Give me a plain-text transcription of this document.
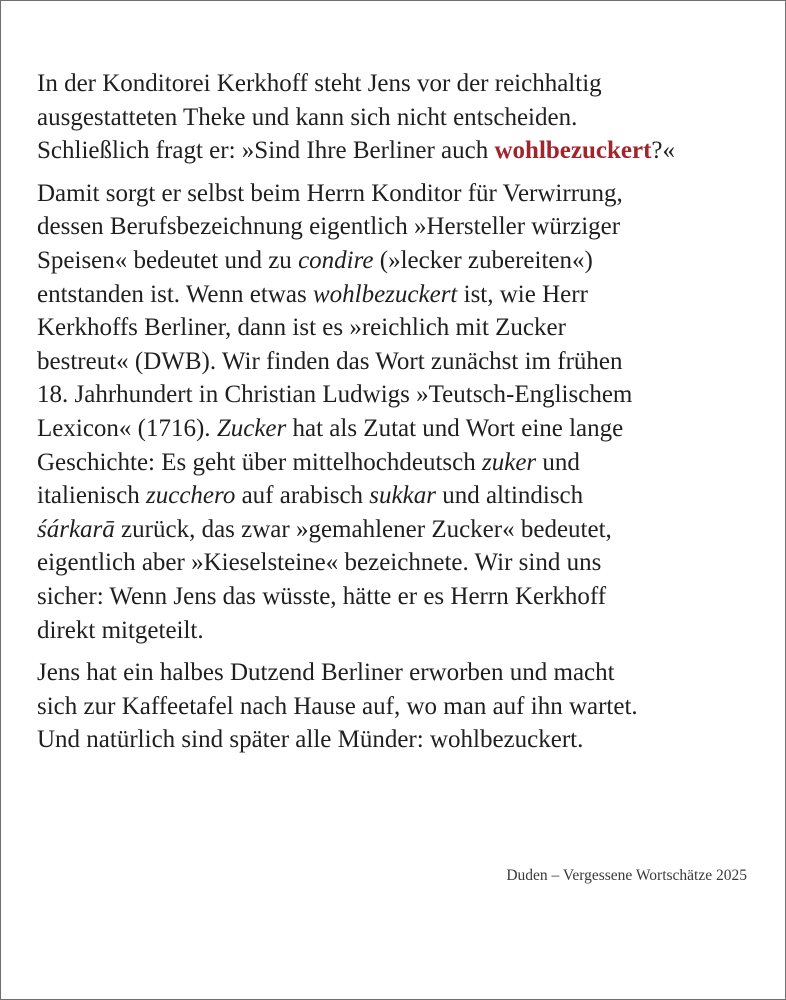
In der Konditorei Kerkhoff steht Jens vor der reichhaltig
ausgestatteten Theke und kann sich nicht entscheiden.
Schließlich fragt er: »Sind Ihre Berliner auch wohlbezuckert?«

Damit sorgt er selbst beim Herrn Konditor für Verwirrung,
dessen Berufsbezeichnung eigentlich »Hersteller würziger
Speisen« bedeutet und zu condire (»lecker zubereiten«)
entstanden ist. Wenn etwas wohlbezuckert ist, wie Herr
Kerkhoffs Berliner, dann ist es »reichlich mit Zucker
bestreut« (DWB). Wir finden das Wort zunächst im frühen
18. Jahrhundert in Christian Ludwigs »Teutsch-Englischem
Lexicon« (1716). Zucker hat als Zutat und Wort eine lange
Geschichte: Es geht über mittelhochdeutsch zuker und
italienisch zucchero auf arabisch sukkar und altindisch
śárkarā zurück, das zwar »gemahlener Zucker« bedeutet,
eigentlich aber »Kieselsteine« bezeichnete. Wir sind uns
sicher: Wenn Jens das wüsste, hätte er es Herrn Kerkhoff
direkt mitgeteilt.

Jens hat ein halbes Dutzend Berliner erworben und macht
sich zur Kaffeetafel nach Hause auf, wo man auf ihn wartet.
Und natürlich sind später alle Münder: wohlbezuckert.

Duden – Vergessene Wortschätze 2025
